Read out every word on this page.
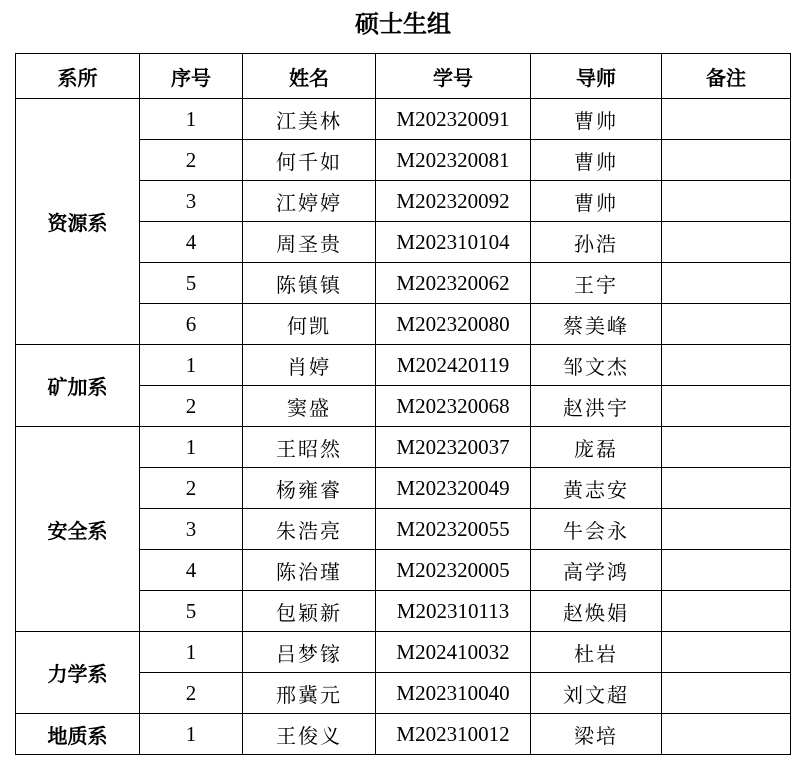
硕士生组
系所	序号	姓名	学号	导师	备注
资源系	1	江美林	M202320091	曹帅	
	2	何千如	M202320081	曹帅	
	3	江婷婷	M202320092	曹帅	
	4	周圣贵	M202310104	孙浩	
	5	陈镇镇	M202320062	王宇	
	6	何凯	M202320080	蔡美峰	
矿加系	1	肖婷	M202420119	邹文杰	
	2	窦盛	M202320068	赵洪宇	
安全系	1	王昭然	M202320037	庞磊	
	2	杨雍睿	M202320049	黄志安	
	3	朱浩亮	M202320055	牛会永	
	4	陈治瑾	M202320005	高学鸿	
	5	包颖新	M202310113	赵焕娟	
力学系	1	吕梦镓	M202410032	杜岩	
	2	邢冀元	M202310040	刘文超	
地质系	1	王俊义	M202310012	梁培	
